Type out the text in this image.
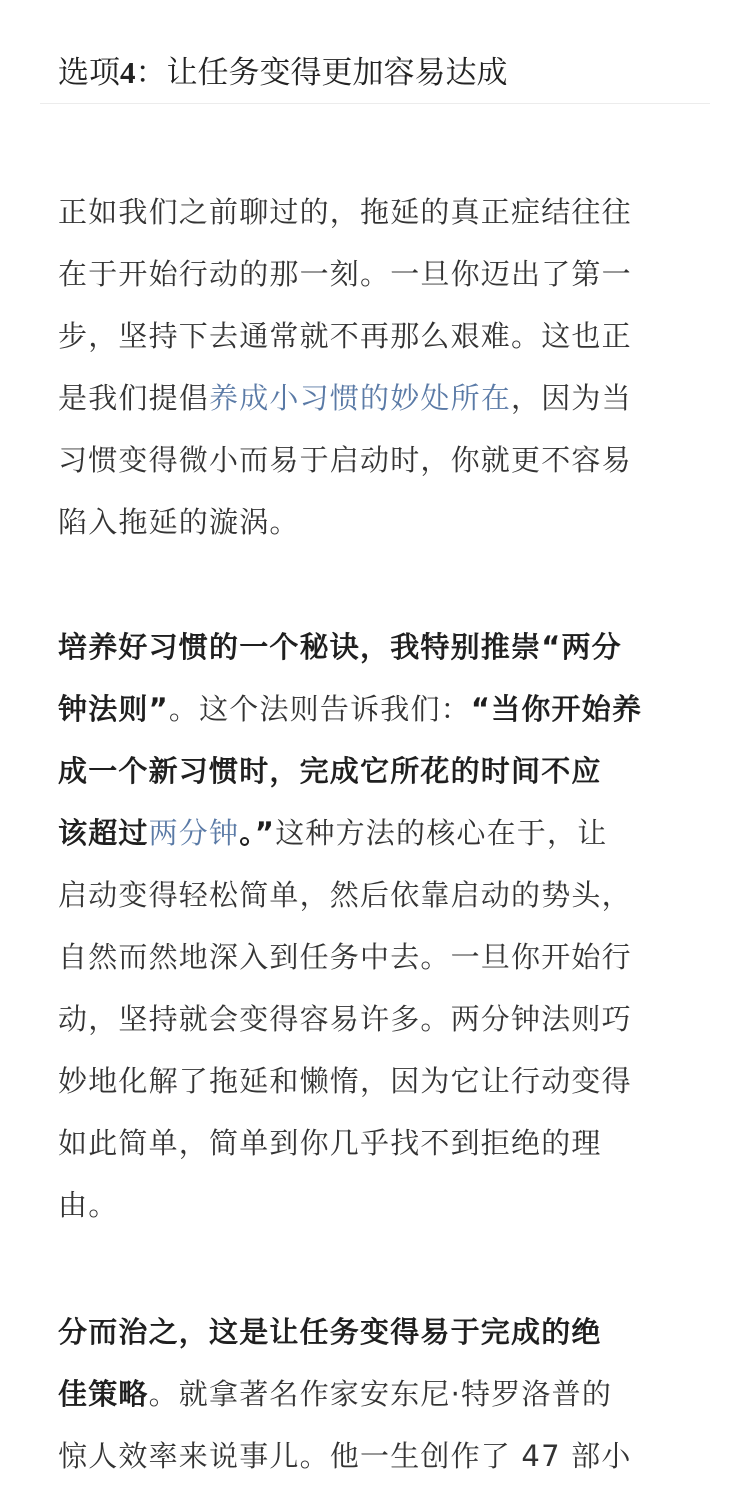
选项4：让任务变得更加容易达成

正如我们之前聊过的，拖延的真正症结往往
在于开始行动的那一刻。一旦你迈出了第一
步，坚持下去通常就不再那么艰难。这也正
是我们提倡养成小习惯的妙处所在，因为当
习惯变得微小而易于启动时，你就更不容易
陷入拖延的漩涡。

培养好习惯的一个秘诀，我特别推崇“两分
钟法则”。这个法则告诉我们：“当你开始养
成一个新习惯时，完成它所花的时间不应
该超过两分钟。”这种方法的核心在于，让
启动变得轻松简单，然后依靠启动的势头，
自然而然地深入到任务中去。一旦你开始行
动，坚持就会变得容易许多。两分钟法则巧
妙地化解了拖延和懒惰，因为它让行动变得
如此简单，简单到你几乎找不到拒绝的理
由。

分而治之，这是让任务变得易于完成的绝
佳策略。就拿著名作家安东尼·特罗洛普的
惊人效率来说事儿。他一生创作了 47 部小
